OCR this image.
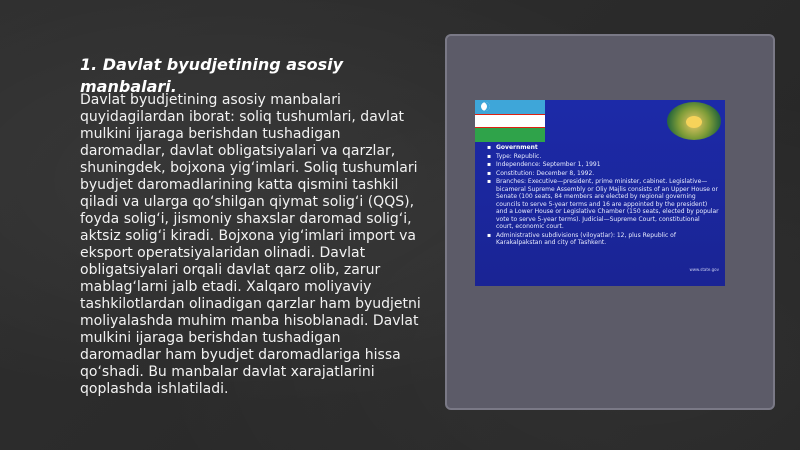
1. Davlat byudjetining asosiy manbalari.

Davlat byudjetining asosiy manbalari quyidagilardan iborat: soliq tushumlari, davlat mulkini ijaraga berishdan tushadigan daromadlar, davlat obligatsiyalari va qarzlar, shuningdek, bojxona yig‘imlari. Soliq tushumlari byudjet daromadlarining katta qismini tashkil qiladi va ularga qo‘shilgan qiymat solig‘i (QQS), foyda solig‘i, jismoniy shaxslar daromad solig‘i, aktsiz solig‘i kiradi. Bojxona yig‘imlari import va eksport operatsiyalaridan olinadi. Davlat obligatsiyalari orqali davlat qarz olib, zarur mablag‘larni jalb etadi. Xalqaro moliyaviy tashkilotlardan olinadigan qarzlar ham byudjetni moliyalashda muhim manba hisoblanadi. Davlat mulkini ijaraga berishdan tushadigan daromadlar ham byudjet daromadlariga hissa qo‘shadi. Bu manbalar davlat xarajatlarini qoplashda ishlatiladi.

▪ Government
▪ Type: Republic.
▪ Independence: September 1, 1991
▪ Constitution: December 8, 1992.
▪ Branches: Executive—president, prime minister, cabinet. Legislative—bicameral Supreme Assembly or Oliy Majlis consists of an Upper House or Senate (100 seats, 84 members are elected by regional governing councils to serve 5-year terms and 16 are appointed by the president) and a Lower House or Legislative Chamber (150 seats, elected by popular vote to serve 5-year terms). Judicial—Supreme Court, constitutional court, economic court.
▪ Administrative subdivisions (viloyatlar): 12, plus Republic of Karakalpakstan and city of Tashkent.
www.state.gov
